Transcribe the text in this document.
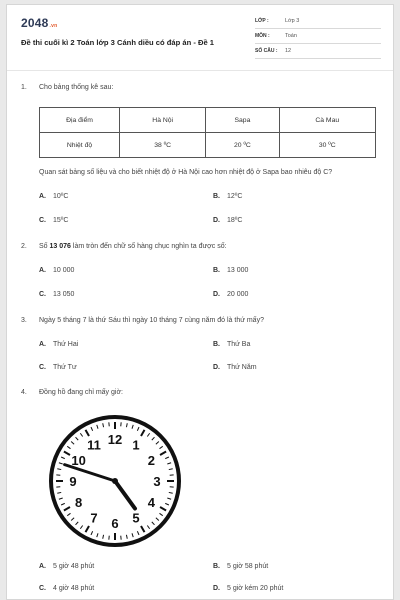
2048.vn
Đề thi cuối kì 2 Toán lớp 3 Cánh diều có đáp án - Đề 1
LỚP :	Lớp 3
MÔN :	Toán
SỐ CÂU : 12
1. Cho bảng thống kê sau:
Địa điểm	Hà Nội	Sapa	Cà Mau
Nhiệt độ	38 ºC	20 ºC	30 ºC
Quan sát bảng số liệu và cho biết nhiệt độ ở Hà Nội cao hơn nhiệt độ ở Sapa bao nhiêu độ C?
A. 10ºC	B. 12ºC
C. 15ºC	D. 18ºC
2. Số 13 076 làm tròn đến chữ số hàng chục nghìn ta được số:
A. 10 000	B. 13 000
C. 13 050	D. 20 000
3. Ngày 5 tháng 7 là thứ Sáu thì ngày 10 tháng 7 cùng năm đó là thứ mấy?
A. Thứ Hai	B. Thứ Ba
C. Thứ Tư	D. Thứ Năm
4. Đồng hồ đang chỉ mấy giờ:
12 1
2
3
4
5
6
7
8
9
10
11
A. 5 giờ 48 phút	B. 5 giờ 58 phút
C. 4 giờ 48 phút	D. 5 giờ kém 20 phút
